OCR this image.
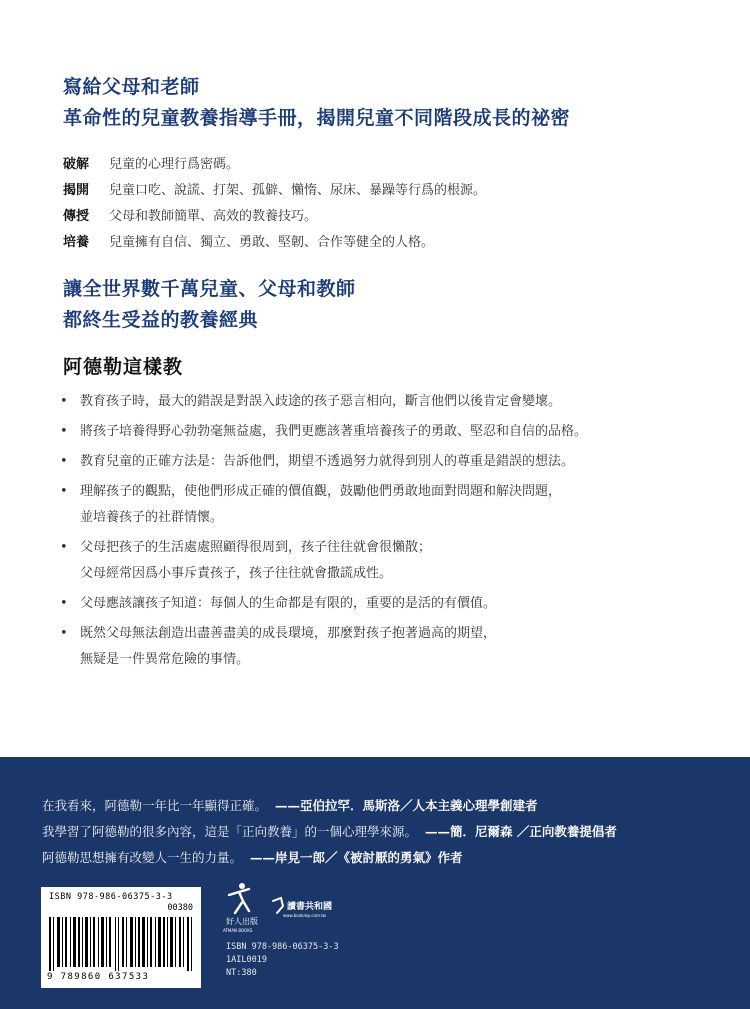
寫給父母和老師
革命性的兒童教養指導手冊，揭開兒童不同階段成長的祕密
破解 兒童的心理行爲密碼。
揭開 兒童口吃、說謊、打架、孤僻、懶惰、尿床、暴躁等行爲的根源。
傳授 父母和教師簡單、高效的教養技巧。
培養 兒童擁有自信、獨立、勇敢、堅韌、合作等健全的人格。
讓全世界數千萬兒童、父母和教師
都終生受益的教養經典
阿德勒這樣教
• 教育孩子時，最大的錯誤是對誤入歧途的孩子惡言相向，斷言他們以後肯定會變壞。
• 將孩子培養得野心勃勃毫無益處，我們更應該著重培養孩子的勇敢、堅忍和自信的品格。
• 教育兒童的正確方法是：告訴他們，期望不透過努力就得到別人的尊重是錯誤的想法。
• 理解孩子的觀點，使他們形成正確的價值觀，鼓勵他們勇敢地面對問題和解決問題，
並培養孩子的社群情懷。
• 父母把孩子的生活處處照顧得很周到，孩子往往就會很懶散；
父母經常因爲小事斥責孩子，孩子往往就會撒謊成性。
• 父母應該讓孩子知道：每個人的生命都是有限的，重要的是活的有價值。
• 既然父母無法創造出盡善盡美的成長環境，那麼對孩子抱著過高的期望，
無疑是一件異常危險的事情。
在我看來，阿德勒一年比一年顯得正確。 ——亞伯拉罕．馬斯洛／人本主義心理學創建者
我學習了阿德勒的很多內容，這是「正向教養」的一個心理學來源。 ——簡．尼爾森 ／正向教養提倡者
阿德勒思想擁有改變人一生的力量。 ——岸見一郎／《被討厭的勇氣》作者
ISBN 978-986-06375-3-3
00380
9 789860 637533
好人出版
ATMAN BOOKS
讀書共和國
www.bookrep.com.tw
ISBN 978-986-06375-3-3
1AIL0019
NT:380
